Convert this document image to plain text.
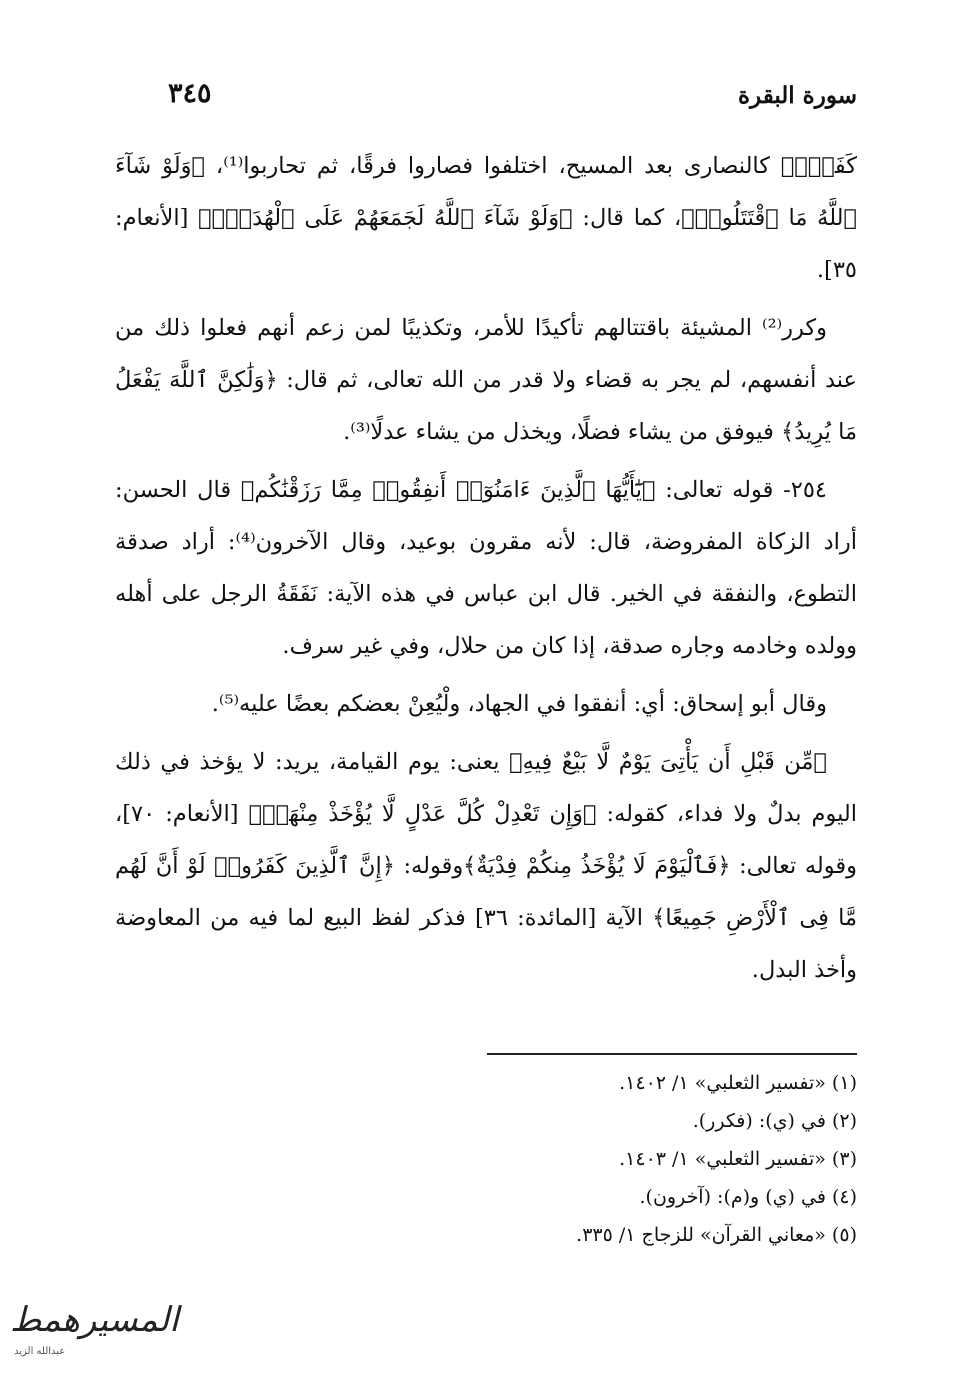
٣٤٥	سورة البقرة

كَفَرَۚ﴾ كالنصارى بعد المسيح، اختلفوا فصاروا فرقًا، ثم تحاربوا⁽¹⁾، ﴿وَلَوْ شَآءَ ٱللَّهُ مَا ٱقْتَتَلُوا۟﴾، كما قال: ﴿وَلَوْ شَآءَ ٱللَّهُ لَجَمَعَهُمْ عَلَى ٱلْهُدَىٰۚ﴾ [الأنعام: ٣٥].

وكرر⁽²⁾ المشيئة باقتتالهم تأكيدًا للأمر، وتكذيبًا لمن زعم أنهم فعلوا ذلك من عند أنفسهم، لم يجر به قضاء ولا قدر من الله تعالى، ثم قال: ﴿وَلَٰكِنَّ ٱللَّهَ يَفْعَلُ مَا يُرِيدُ﴾ فيوفق من يشاء فضلًا، ويخذل من يشاء عدلًا⁽³⁾.

٢٥٤- قوله تعالى: ﴿يَٰٓأَيُّهَا ٱلَّذِينَ ءَامَنُوٓا۟ أَنفِقُوا۟ مِمَّا رَزَقْنَٰكُم﴾ قال الحسن: أراد الزكاة المفروضة، قال: لأنه مقرون بوعيد، وقال الآخرون⁽⁴⁾: أراد صدقة التطوع، والنفقة في الخير. قال ابن عباس في هذه الآية: نَفَقَةُ الرجل على أهله وولده وخادمه وجاره صدقة، إذا كان من حلال، وفي غير سرف.

وقال أبو إسحاق: أي: أنفقوا في الجهاد، ولْيُعِنْ بعضكم بعضًا عليه⁽⁵⁾.

﴿مِّن قَبْلِ أَن يَأْتِىَ يَوْمٌ لَّا بَيْعٌ فِيهِ﴾ يعنى: يوم القيامة، يريد: لا يؤخذ في ذلك اليوم بدلٌ ولا فداء، كقوله: ﴿وَإِن تَعْدِلْ كُلَّ عَدْلٍ لَّا يُؤْخَذْ مِنْهَآۗ﴾ [الأنعام: ٧٠]، وقوله تعالى: ﴿فَٱلْيَوْمَ لَا يُؤْخَذُ مِنكُمْ فِدْيَةٌ﴾وقوله: ﴿إِنَّ ٱلَّذِينَ كَفَرُوا۟ لَوْ أَنَّ لَهُم مَّا فِى ٱلْأَرْضِ جَمِيعًا﴾ الآية [المائدة: ٣٦] فذكر لفظ البيع لما فيه من المعاوضة وأخذ البدل.

(١) «تفسير الثعلبي» ١/ ١٤٠٢.
(٢) في (ي): (فكرر).
(٣) «تفسير الثعلبي» ١/ ١٤٠٣.
(٤) في (ي) و(م): (آخرون).
(٥) «معاني القرآن» للزجاج ١/ ٣٣٥.
المسيرهمط
عبدالله الزيد
